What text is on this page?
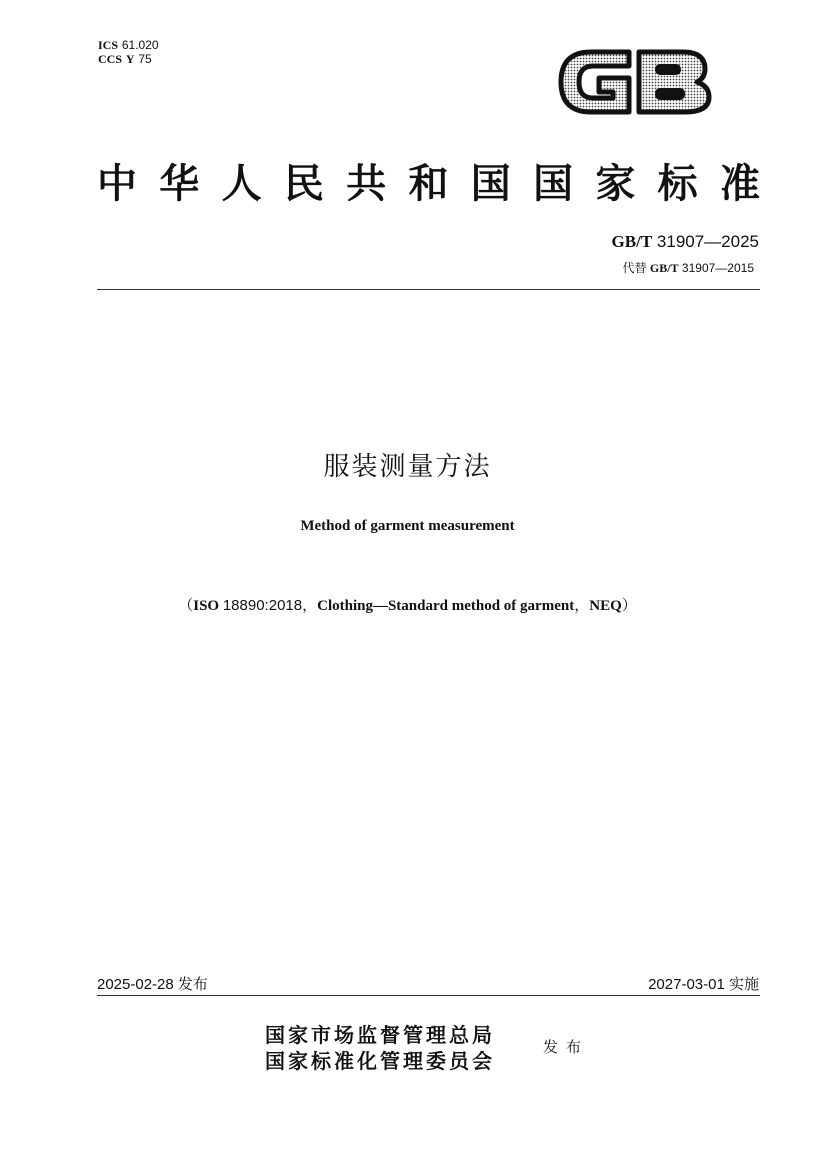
ICS 61.020
CCS Y 75
中 华 人 民 共 和 国 国 家 标 准
GB/T 31907—2025
代替 GB/T 31907—2015
服装测量方法
Method of garment measurement
（ISO 18890:2018，Clothing—Standard method of garment，NEQ）
2025-02-28 发布	2027-03-01 实施
国家市场监督管理总局
国家标准化管理委员会
发布
